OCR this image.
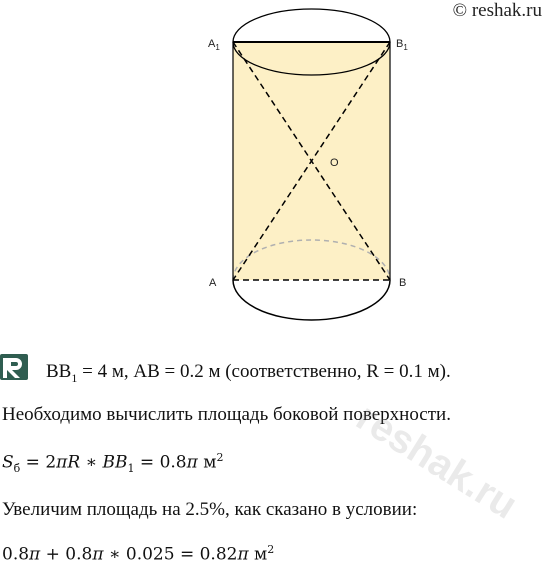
© reshak.ru
$A_1$	$B_1$
O
A	B
$BB_1 = 4$ м, AB = 0.2 м (соответственно, R = 0.1 м).
Необходимо вычислить площадь боковой поверхности.
$S_б = 2\pi R$ ∗ $BB_1 = 0.8\pi$ $м^2$
Увеличим площадь на 2.5%, как сказано в условии:
0.8π + 0.8π ∗ 0.025 = 0.82π $м^2$
reshak.ru
